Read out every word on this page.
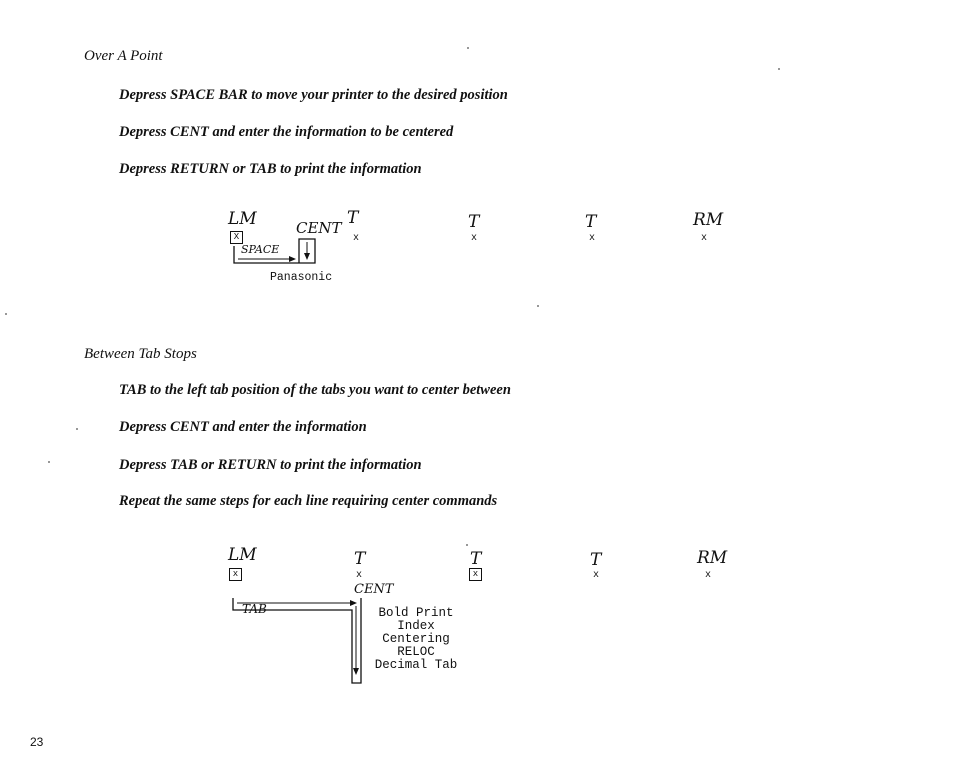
Over A Point

Depress SPACE BAR to move your printer to the desired position

Depress CENT and enter the information to be centered

Depress RETURN or TAB to print the information

LM
X	CENT T
x
T
x
T
x
RM
x
SPACE
Panasonic

Between Tab Stops

TAB to the left tab position of the tabs you want to center between

Depress CENT and enter the information

Depress TAB or RETURN to print the information

Repeat the same steps for each line requiring center commands

LM
x
T
x
T
x
T
x
RM
x
CENT
TAB	Bold Print
Index
Centering
RELOC
Decimal Tab
23
